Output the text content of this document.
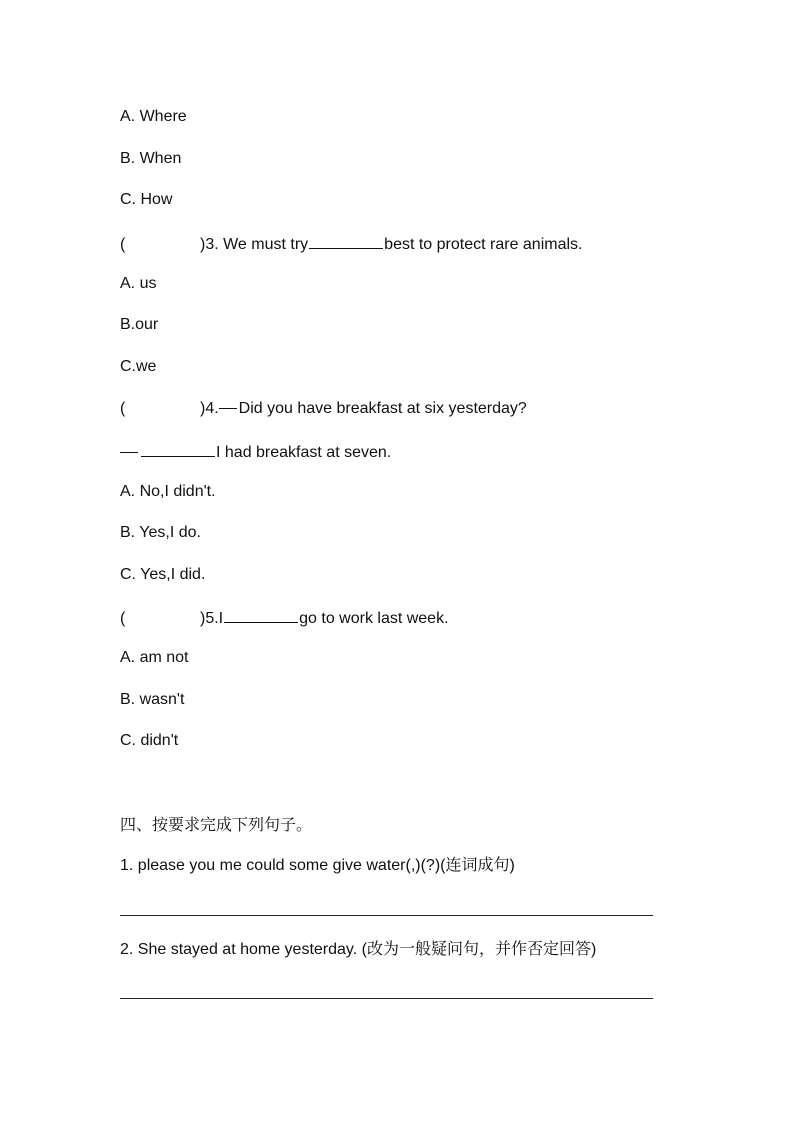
A. Where
B. When
C. How
(	)3. We must try	best to protect rare animals.
A. us
B.our
C.we
(	)4. Did you have breakfast at six yesterday?
I had breakfast at seven.
A. No,I didn't.
B. Yes,I do.
C. Yes,I did.
(	)5.I	go to work last week.
A. am not
B. wasn't
C. didn't
四、按要求完成下列句子。
1. please you me could some give water(,)(?)(连词成句)
2. She stayed at home yesterday. (改为一般疑问句，并作否定回答)
